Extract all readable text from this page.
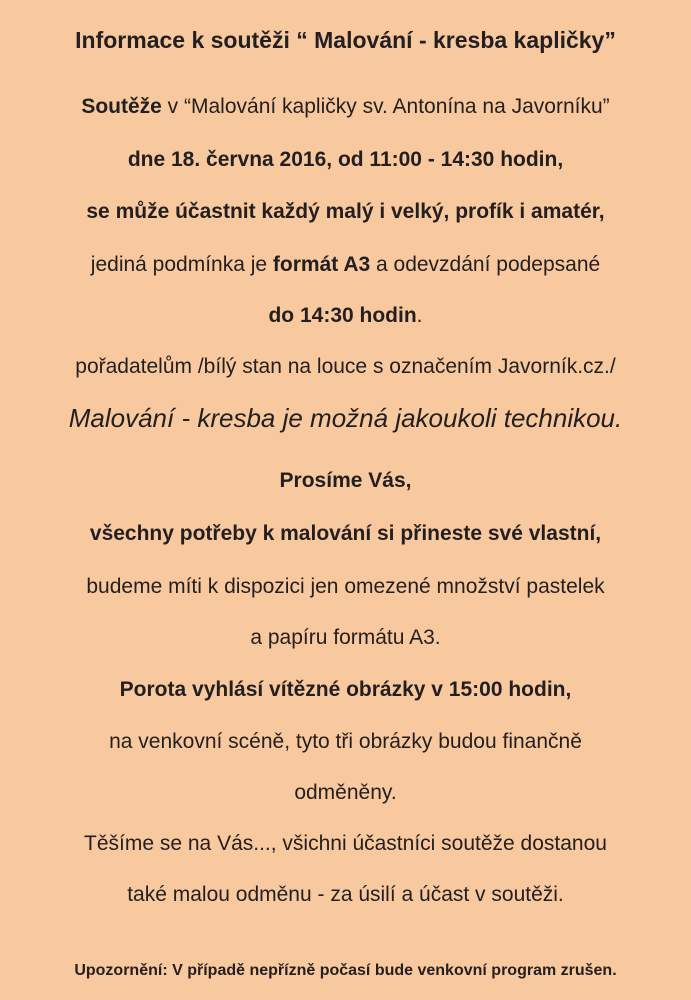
Informace k soutěži “ Malování - kresba kapličky”
Soutěže v “Malování kapličky sv. Antonína na Javorníku”
dne 18. června 2016, od 11:00 - 14:30 hodin,
se může účastnit každý malý i velký, profík i amatér,
jediná podmínka je formát A3 a odevzdání podepsané
do 14:30 hodin.
pořadatelům /bílý stan na louce s označením Javorník.cz./
Malování - kresba je možná jakoukoli technikou.
Prosíme Vás,
všechny potřeby k malování si přineste své vlastní,
budeme míti k dispozici jen omezené množství pastelek
a papíru formátu A3.
Porota vyhlásí vítězné obrázky v 15:00 hodin,
na venkovní scéně, tyto tři obrázky budou finančně
odměněny.
Těšíme se na Vás..., všichni účastníci soutěže dostanou
také malou odměnu - za úsilí a účast v soutěži.
Upozornění: V případě nepřízně počasí bude venkovní program zrušen.
